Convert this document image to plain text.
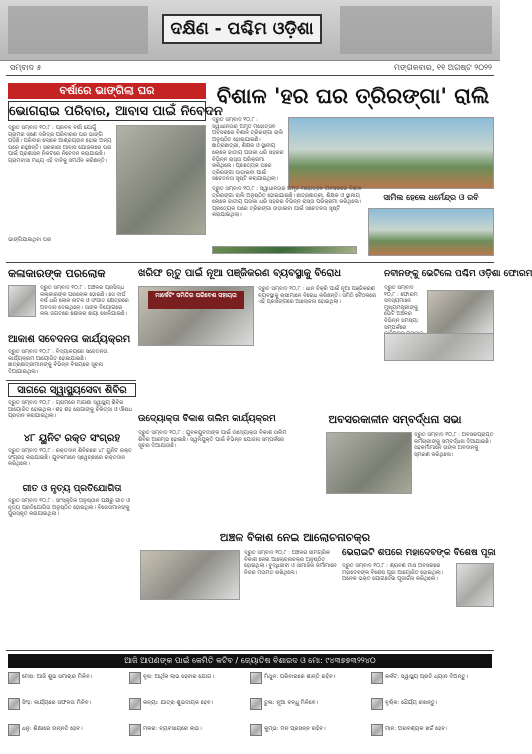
ଦକ୍ଷିଣ - ପଶ୍ଚିମ ଓଡ଼ିଶା
ସମ୍ବାଦ ୫	ମଙ୍ଗଳବାର, ୧୧ ଅଗଷ୍ଟ ୨୦୨୨
ବର୍ଷାରେ ଭାଙ୍ଗିଲା ଘର
ଭୋଗରାଇ ପରିବାର, ଆବାସ ପାଇଁ ନିବେଦନ
ଦ୍ରୁତ ସମ୍ବାଦ ୧୦,୮ : ପ୍ରବଳ ବର୍ଷା ଯୋଗୁଁ ଗ୍ରାମର ଜଣେ ଦରିଦ୍ର ପରିବାରର ଘର ଭାଙ୍ଗି ପଡ଼ିଛି। ପରିବାର ଲୋକେ ଆଶ୍ରୟହୀନ ହୋଇ ଅନ୍ୟ ଘରେ ରହୁଛନ୍ତି। ସରକାରୀ ଆବାସ ଯୋଜନାରେ ଘର ପାଇଁ ପ୍ରଶାସନ ନିକଟରେ ନିବେଦନ କରାଯାଇଛି। ଗ୍ରାମବାସୀ ମଧ୍ୟ ଏହି ଦାବିକୁ ସମର୍ଥନ କରିଛନ୍ତି।
ଭାଙ୍ଗିଯାଇଥିବା ଘର
ବିଶାଳ 'ହର ଘର ତ୍ରିରଙ୍ଗା' ରାଲି
ଦ୍ରୁତ ସମ୍ବାଦ ୧୦,୮ : ସ୍ୱାଧୀନତାର ଅମୃତ ମହୋତ୍ସବ ଅବସରରେ ବିଶାଳ ତ୍ରିରଙ୍ଗା ରାଲି ଅନୁଷ୍ଠିତ ହୋଇଯାଇଛି। ଛାତ୍ରଛାତ୍ରୀ, ଶିକ୍ଷକ ଓ ସ୍ଥାନୀୟ ଲୋକେ ଜାତୀୟ ପତାକା ଧରି ସହରର ବିଭିନ୍ନ ରାସ୍ତା ପରିକ୍ରମା କରିଥିଲେ। ପ୍ରତ୍ୟେକ ଘରେ ତ୍ରିରଙ୍ଗା ଉଡ଼ାଇବା ପାଇଁ ସଚେତନତା ସୃଷ୍ଟି କରାଯାଇଥିଲା।
ସାମିଲ ହେଲେ ଧର୍ମେନ୍ଦ୍ର ଓ ରବି
ଦ୍ରୁତ ସମ୍ବାଦ ୧୦,୮ : ସ୍ୱାଧୀନତାର ଅମୃତ ମହୋତ୍ସବ ଅବସରରେ ବିଶାଳ ତ୍ରିରଙ୍ଗା ରାଲି ଅନୁଷ୍ଠିତ ହୋଇଯାଇଛି। ଛାତ୍ରଛାତ୍ରୀ, ଶିକ୍ଷକ ଓ ସ୍ଥାନୀୟ ଲୋକେ ଜାତୀୟ ପତାକା ଧରି ସହରର ବିଭିନ୍ନ ରାସ୍ତା ପରିକ୍ରମା କରିଥିଲେ। ପ୍ରତ୍ୟେକ ଘରେ ତ୍ରିରଙ୍ଗା ଉଡ଼ାଇବା ପାଇଁ ସଚେତନତା ସୃଷ୍ଟି କରାଯାଇଥିଲା।
କଳାକାରଙ୍କ ପରଲୋକ
ଦ୍ରୁତ ସମ୍ବାଦ ୧୦,୮ : ଅଞ୍ଚଳର ପ୍ରସିଦ୍ଧ କଳାକାରଙ୍କ ପରଲୋକ ହୋଇଛି। ସେ ଦୀର୍ଘ ବର୍ଷ ଧରି ଲୋକ ନାଟକ ଓ ସଂଗୀତ କ୍ଷେତ୍ରରେ ଅବଦାନ ଦେଇଥିଲେ। ତାଙ୍କ ବିୟୋଗରେ କଳା ଜଗତରେ ଶୋକର ଛାୟା ଖେଳିଯାଇଛି।
ଆକାଶ ସବେଦନତା କାର୍ଯ୍ୟକ୍ରମ
ଦ୍ରୁତ ସମ୍ବାଦ ୧୦,୮ : ବିଦ୍ୟାଳୟରେ ସଚେତନତା କାର୍ଯ୍ୟକ୍ରମ ଆୟୋଜିତ ହୋଇଯାଇଛି। ଛାତ୍ରଛାତ୍ରୀମାନଙ୍କୁ ବିଭିନ୍ନ ବିଷୟରେ ସୂଚନା ଦିଆଯାଇଥିଲା।
ଖରିଫ ଋତୁ ପାଇଁ ନୂଆ ପଞ୍ଜିକରଣ ବ୍ୟବସ୍ଥାକୁ ବିରୋଧ
ମାର୍କେଟିଂ ସମିତିର ପରିବେଶ ସହାୟତା
ଦ୍ରୁତ ସମ୍ବାଦ ୧୦,୮ : ଧାନ ବିକ୍ରି ପାଇଁ ନୂଆ ପଞ୍ଜିକରଣ ବ୍ୟବସ୍ଥାକୁ ଚାଷୀମାନେ ବିରୋଧ କରିଛନ୍ତି। ସମିତି ବୈଠକରେ ଏହି ପ୍ରସଙ୍ଗରେ ଆଲୋଚନା ହୋଇଥିଲା।
ନବୀନଙ୍କୁ ଭେଟିଲେ ପଶ୍ଚିମ ଓଡ଼ିଶା ଫୋରମ
ଦ୍ରୁତ ସମ୍ବାଦ ୧୦,୮ : ଫୋରମ ସଦସ୍ୟମାନେ ମୁଖ୍ୟମନ୍ତ୍ରୀଙ୍କୁ ଭେଟି ଅଞ୍ଚଳର ବିଭିନ୍ନ ସମସ୍ୟା ସମ୍ପର୍କରେ
ସାଗରେ ସ୍ୱାସ୍ଥ୍ୟସେବା ଶିବିର
ଦ୍ରୁତ ସମ୍ବାଦ ୧୦,୮ : ଗ୍ରାମରେ ମାଗଣା ସ୍ୱାସ୍ଥ୍ୟ ଶିବିର ଆୟୋଜିତ ହୋଇଥିଲା। ଶହ ଶହ ରୋଗୀଙ୍କୁ ଚିକିତ୍ସା ଓ ଔଷଧ ପ୍ରଦାନ କରାଯାଇଥିଲା।
୪୮ ୟୁନିଟ ରକ୍ତ ସଂଗ୍ରହ
ଦ୍ରୁତ ସମ୍ବାଦ ୧୦,୮ : ରକ୍ତଦାନ ଶିବିରରେ ୪୮ ୟୁନିଟ ରକ୍ତ ସଂଗ୍ରହ କରାଯାଇଛି। ଯୁବକମାନେ ସ୍ୱେଚ୍ଛାରେ ରକ୍ତଦାନ କରିଥିଲେ।
ଗୀତ ଓ ନୃତ୍ୟ ପ୍ରତିଯୋଗିତା
ଦ୍ରୁତ ସମ୍ବାଦ ୧୦,୮ : ସାଂସ୍କୃତିକ ଅନୁଷ୍ଠାନ ପକ୍ଷରୁ ଗୀତ ଓ ନୃତ୍ୟ ପ୍ରତିଯୋଗିତା ଅନୁଷ୍ଠିତ ହୋଇଥିଲା। ବିଜେତାମାନଙ୍କୁ ପୁରସ୍କୃତ କରାଯାଇଥିଲା।
ଉଦ୍ୟୋକ୍ତା ବିକାଶ ତାଲିମ କାର୍ଯ୍ୟକ୍ରମ
ଦ୍ରୁତ ସମ୍ବାଦ ୧୦,୮ : ଯୁବକଯୁବତୀଙ୍କ ପାଇଁ ଉଦ୍ୟୋକ୍ତା ବିକାଶ ତାଲିମ ଶିବିର ଆରମ୍ଭ ହୋଇଛି। ସ୍ୱନିଯୁକ୍ତି ପାଇଁ ବିଭିନ୍ନ ଯୋଜନା ସମ୍ପର୍କରେ ସୂଚନା ଦିଆଯାଉଛି।
ଅବସରକାଳୀନ ସମ୍ବର୍ଦ୍ଧନା ସଭା
ଦ୍ରୁତ ସମ୍ବାଦ ୧୦,୮ : ଅବସରପ୍ରାପ୍ତ କର୍ମଚାରୀଙ୍କୁ ସମ୍ବର୍ଦ୍ଧନା ଦିଆଯାଇଛି। ସହକର୍ମୀମାନେ ତାଙ୍କ ଅବଦାନକୁ ସ୍ମରଣ କରିଥିଲେ।
ଅଞ୍ଚଳ ବିକାଶ ନେଇ ଆଲୋଚନାଚକ୍ର
ଦ୍ରୁତ ସମ୍ବାଦ ୧୦,୮ : ଅଞ୍ଚଳର ସାମଗ୍ରିକ ବିକାଶ ନେଇ ଆଲୋଚନାଚକ୍ର ଅନୁଷ୍ଠିତ ହୋଇଥିଲା। ବୁଦ୍ଧିଜୀବୀ ଓ ସାମାଜିକ କର୍ମୀମାନେ ନିଜର ମତାମତ ରଖିଥିଲେ।
ଭେରାଇଟି ଶପରେ ମହାଦେବଙ୍କ ବିଶେଷ ପୂଜା
ଦ୍ରୁତ ସମ୍ବାଦ ୧୦,୮ : ଶ୍ରାବଣ ମାସ ଅବସରରେ ମହାଦେବଙ୍କ ବିଶେଷ ପୂଜା ଆୟୋଜିତ ହୋଇଥିଲା। ଅନେକ ଭକ୍ତ ଯୋଗଦେଇ ପୂଜାର୍ଚ୍ଚନା କରିଥିଲେ।
ଆଜି ଆପଣଙ୍କ ପାଇଁ କେମିତି କଟିବ / ଜ୍ୟୋତିଷ ବିଶାରଦ ଓ ମୋ: ୯୪୩୭୭୩୨୨୪୦
ମେଷ: ଆଜି ଶୁଭ ସମାଚାର ମିଳିବ।	ବୃଷ: ଆର୍ଥିକ ଲାଭ ହେବାର ଯୋଗ।	ମିଥୁନ: ପରିବାରରେ ଶାନ୍ତି ରହିବ।	କର୍କଟ: ସ୍ୱାସ୍ଥ୍ୟ ପ୍ରତି ଧ୍ୟାନ ଦିଅନ୍ତୁ।
ସିଂହ: କାର୍ଯ୍ୟରେ ସଫଳତା ମିଳିବ।	କନ୍ୟା: ଯାତ୍ରା ଶୁଭଦାୟକ ହେବ।	ତୁଳା: ନୂଆ ବନ୍ଧୁ ମିଳିବେ।	ବୃଶ୍ଚିକ: ଧୈର୍ଯ୍ୟ ରଖନ୍ତୁ।
ଧନୁ: ଶିକ୍ଷାରେ ଉନ୍ନତି ହେବ।	ମକର: ବ୍ୟବସାୟରେ ଲାଭ।	କୁମ୍ଭ: ମନ ପ୍ରସନ୍ନ ରହିବ।	ମୀନ: ଅନାବଶ୍ୟକ ଖର୍ଚ୍ଚ ହେବ।
